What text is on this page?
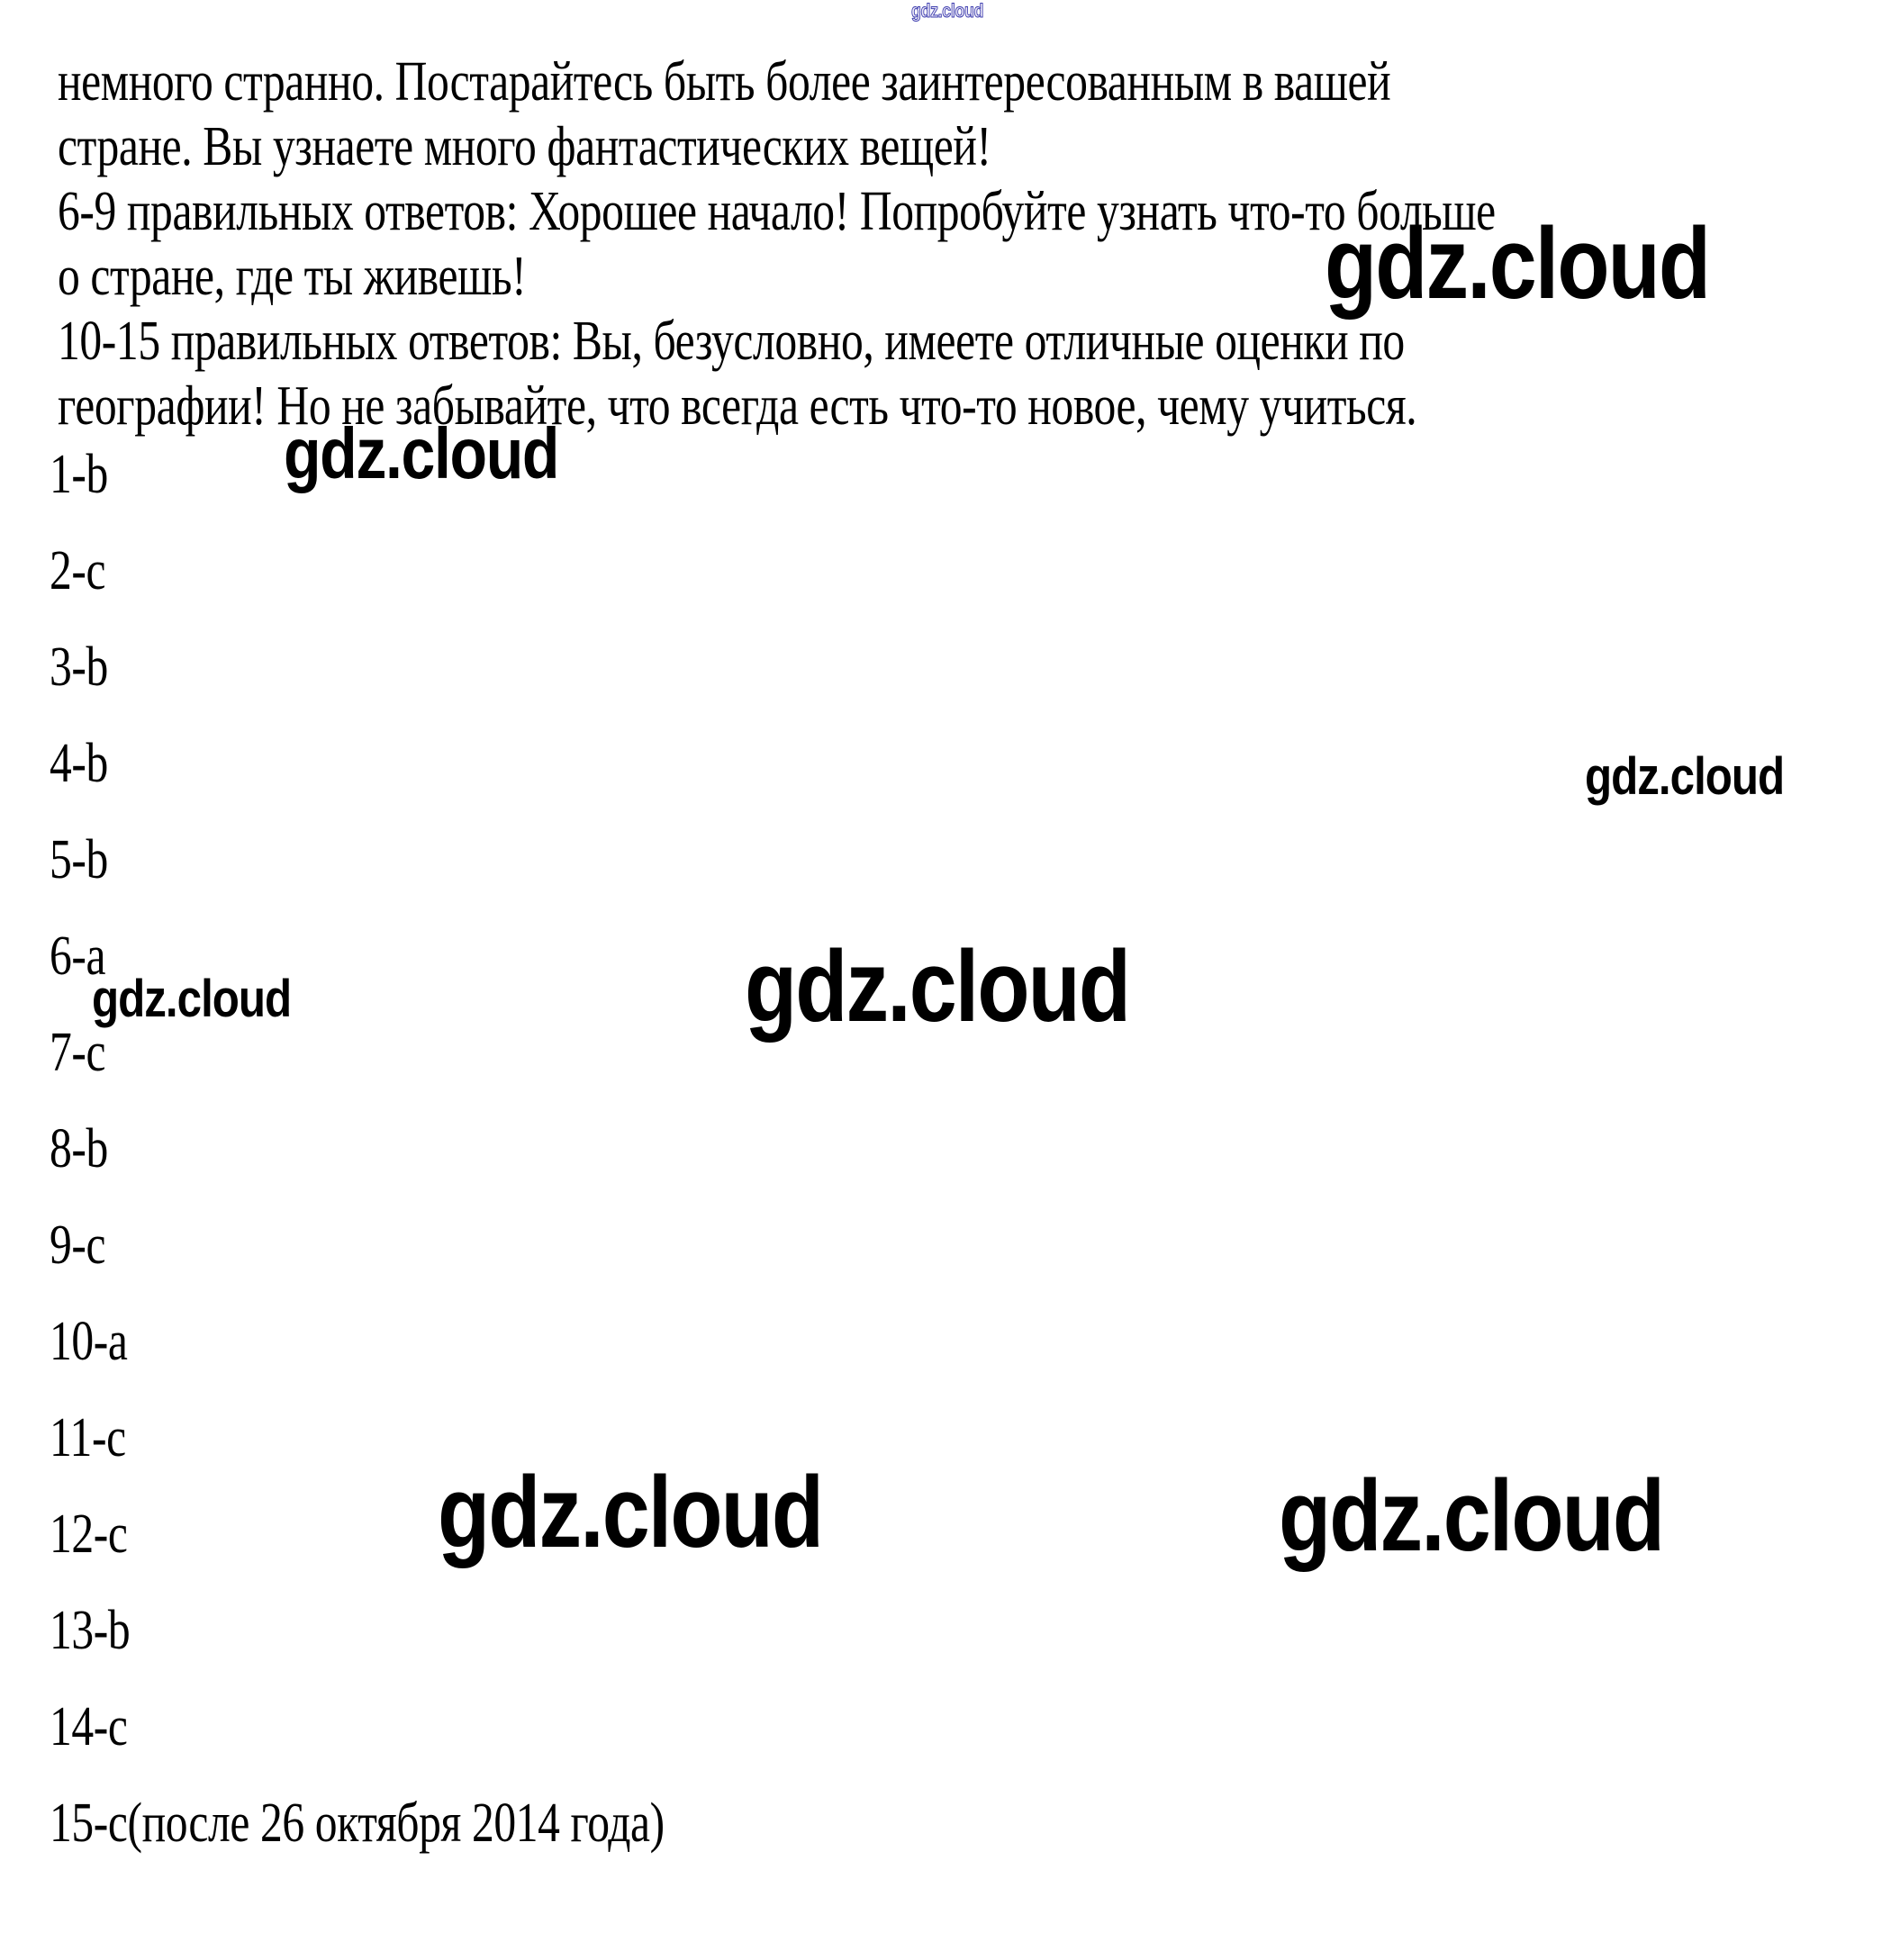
gdz.cloud
немного странно. Постарайтесь быть более заинтересованным в вашей
стране. Вы узнаете много фантастических вещей!
6-9 правильных ответов: Хорошее начало! Попробуйте узнать что-то больше
о стране, где ты живешь!
10-15 правильных ответов: Вы, безусловно, имеете отличные оценки по
географии! Но не забывайте, что всегда есть что-то новое, чему учиться.
gdz.cloud
gdz.cloud
gdz.cloud
gdz.cloud
gdz.cloud
gdz.cloud	gdz.cloud
1-b
2-c
3-b
4-b
5-b
6-a
7-c
8-b
9-c
10-a
11-c
12-c
13-b
14-c
15-c(после 26 октября 2014 года)
